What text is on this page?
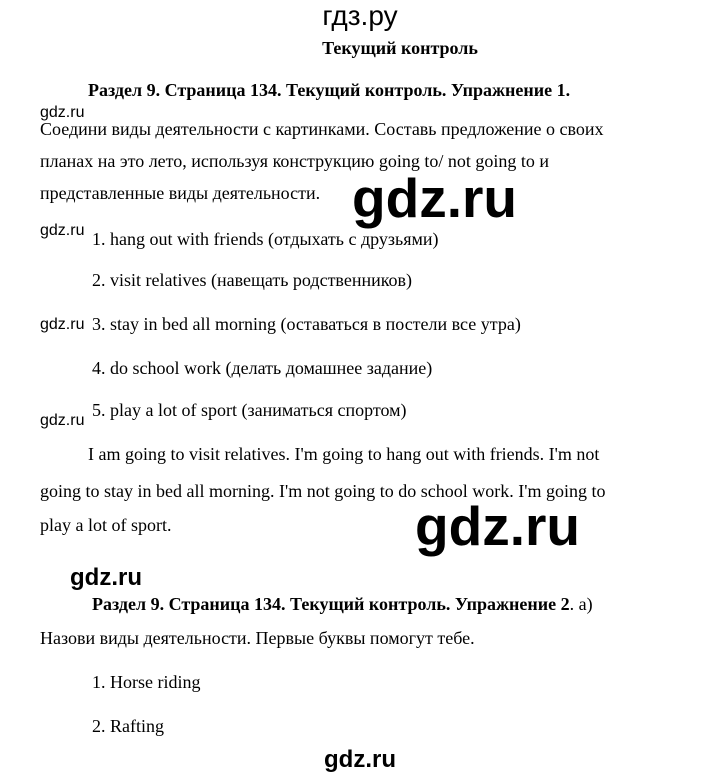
гдз.ру
Текущий контроль
Раздел 9. Страница 134. Текущий контроль. Упражнение 1.
gdz.ru
Соедини виды деятельности с картинками. Составь предложение о своих
планах на это лето, используя конструкцию going to/ not going to и
представленные виды деятельности. gdz.ru
gdz.ru 1. hang out with friends (отдыхать с друзьями)
2. visit relatives (навещать родственников)
gdz.ru 3. stay in bed all morning (оставаться в постели все утра)
4. do school work (делать домашнее задание)
gdz.ru
5. play a lot of sport (заниматься спортом)
I am going to visit relatives. I'm going to hang out with friends. I'm not
going to stay in bed all morning. I'm not going to do school work. I'm going to
play a lot of sport.	gdz.ru
gdz.ru
Раздел 9. Страница 134. Текущий контроль. Упражнение 2. а)
Назови виды деятельности. Первые буквы помогут тебе.
1. Horse riding
2. Rafting
gdz.ru
